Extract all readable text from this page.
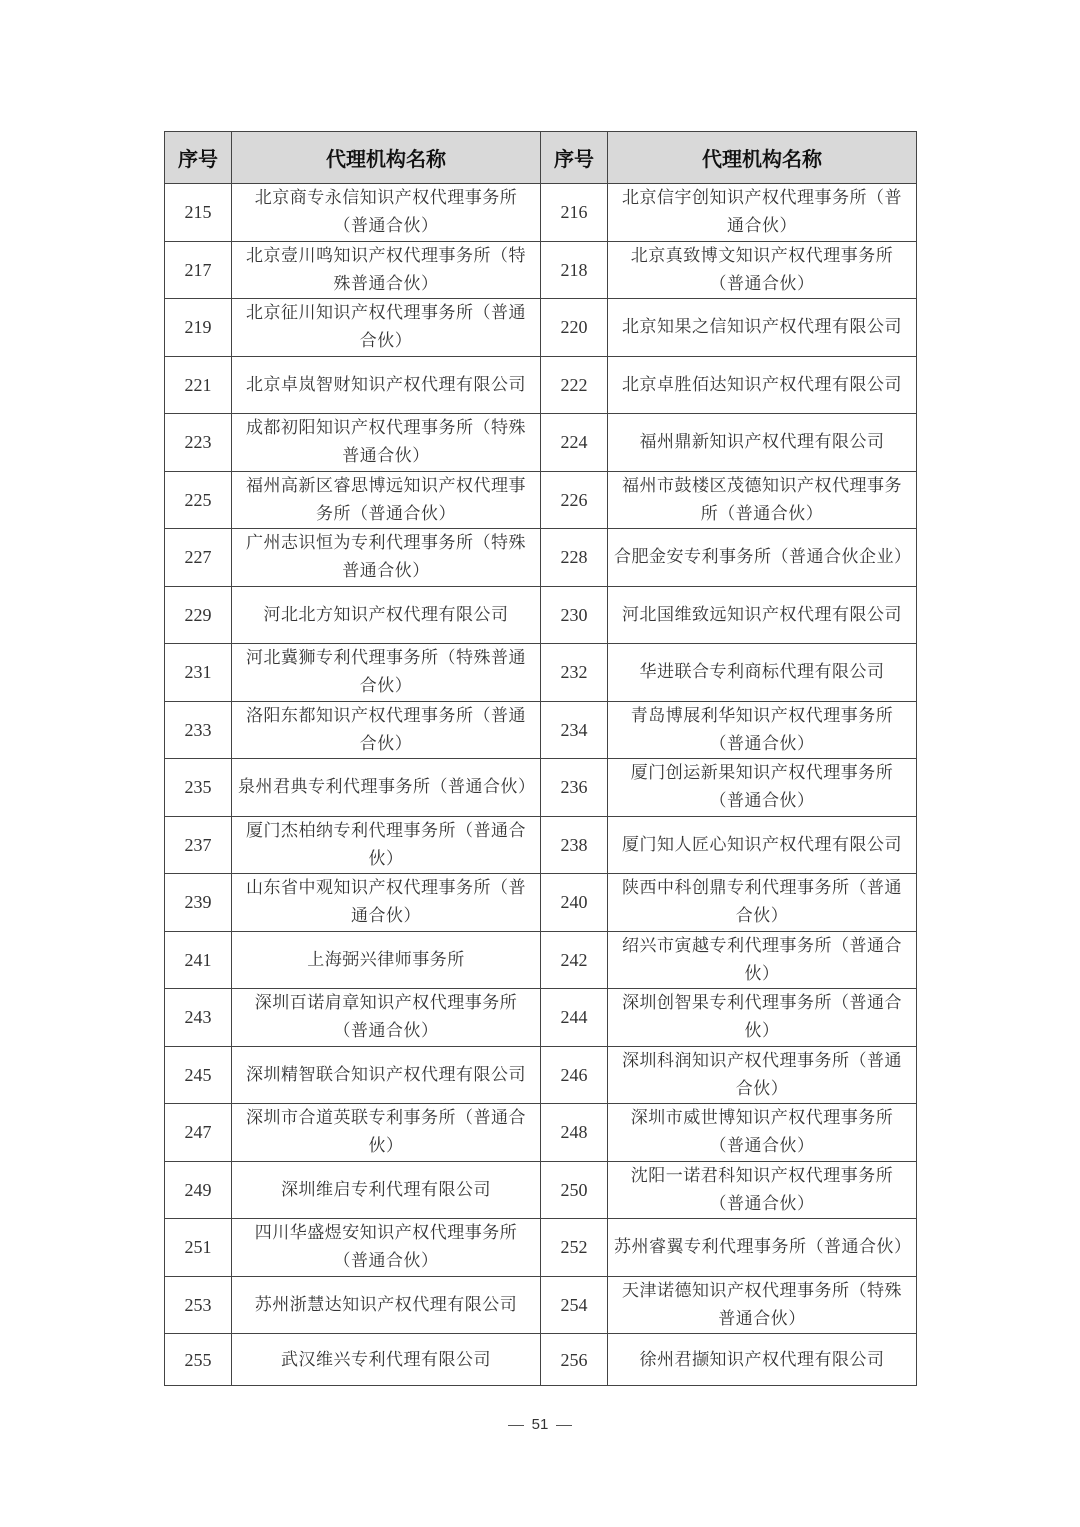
序号	代理机构名称	序号	代理机构名称
215	北京商专永信知识产权代理事务所（普通合伙）	216	北京信宇创知识产权代理事务所（普通合伙）
217	北京壹川鸣知识产权代理事务所（特殊普通合伙）	218	北京真致博文知识产权代理事务所（普通合伙）
219	北京征川知识产权代理事务所（普通合伙）	220	北京知果之信知识产权代理有限公司
221	北京卓岚智财知识产权代理有限公司	222	北京卓胜佰达知识产权代理有限公司
223	成都初阳知识产权代理事务所（特殊普通合伙）	224	福州鼎新知识产权代理有限公司
225	福州高新区睿思博远知识产权代理事务所（普通合伙）	226	福州市鼓楼区茂德知识产权代理事务所（普通合伙）
227	广州志识恒为专利代理事务所（特殊普通合伙）	228	合肥金安专利事务所（普通合伙企业）
229	河北北方知识产权代理有限公司	230	河北国维致远知识产权代理有限公司
231	河北冀狮专利代理事务所（特殊普通合伙）	232	华进联合专利商标代理有限公司
233	洛阳东都知识产权代理事务所（普通合伙）	234	青岛博展利华知识产权代理事务所（普通合伙）
235	泉州君典专利代理事务所（普通合伙）	236	厦门创运新果知识产权代理事务所（普通合伙）
237	厦门杰柏纳专利代理事务所（普通合伙）	238	厦门知人匠心知识产权代理有限公司
239	山东省中观知识产权代理事务所（普通合伙）	240	陕西中科创鼎专利代理事务所（普通合伙）
241	上海弼兴律师事务所	242	绍兴市寅越专利代理事务所（普通合伙）
243	深圳百诺肩章知识产权代理事务所（普通合伙）	244	深圳创智果专利代理事务所（普通合伙）
245	深圳精智联合知识产权代理有限公司	246	深圳科润知识产权代理事务所（普通合伙）
247	深圳市合道英联专利事务所（普通合伙）	248	深圳市威世博知识产权代理事务所（普通合伙）
249	深圳维启专利代理有限公司	250	沈阳一诺君科知识产权代理事务所（普通合伙）
251	四川华盛煜安知识产权代理事务所（普通合伙）	252	苏州睿翼专利代理事务所（普通合伙）
253	苏州浙慧达知识产权代理有限公司	254	天津诺德知识产权代理事务所（特殊普通合伙）
255	武汉维兴专利代理有限公司	256	徐州君撷知识产权代理有限公司
51
